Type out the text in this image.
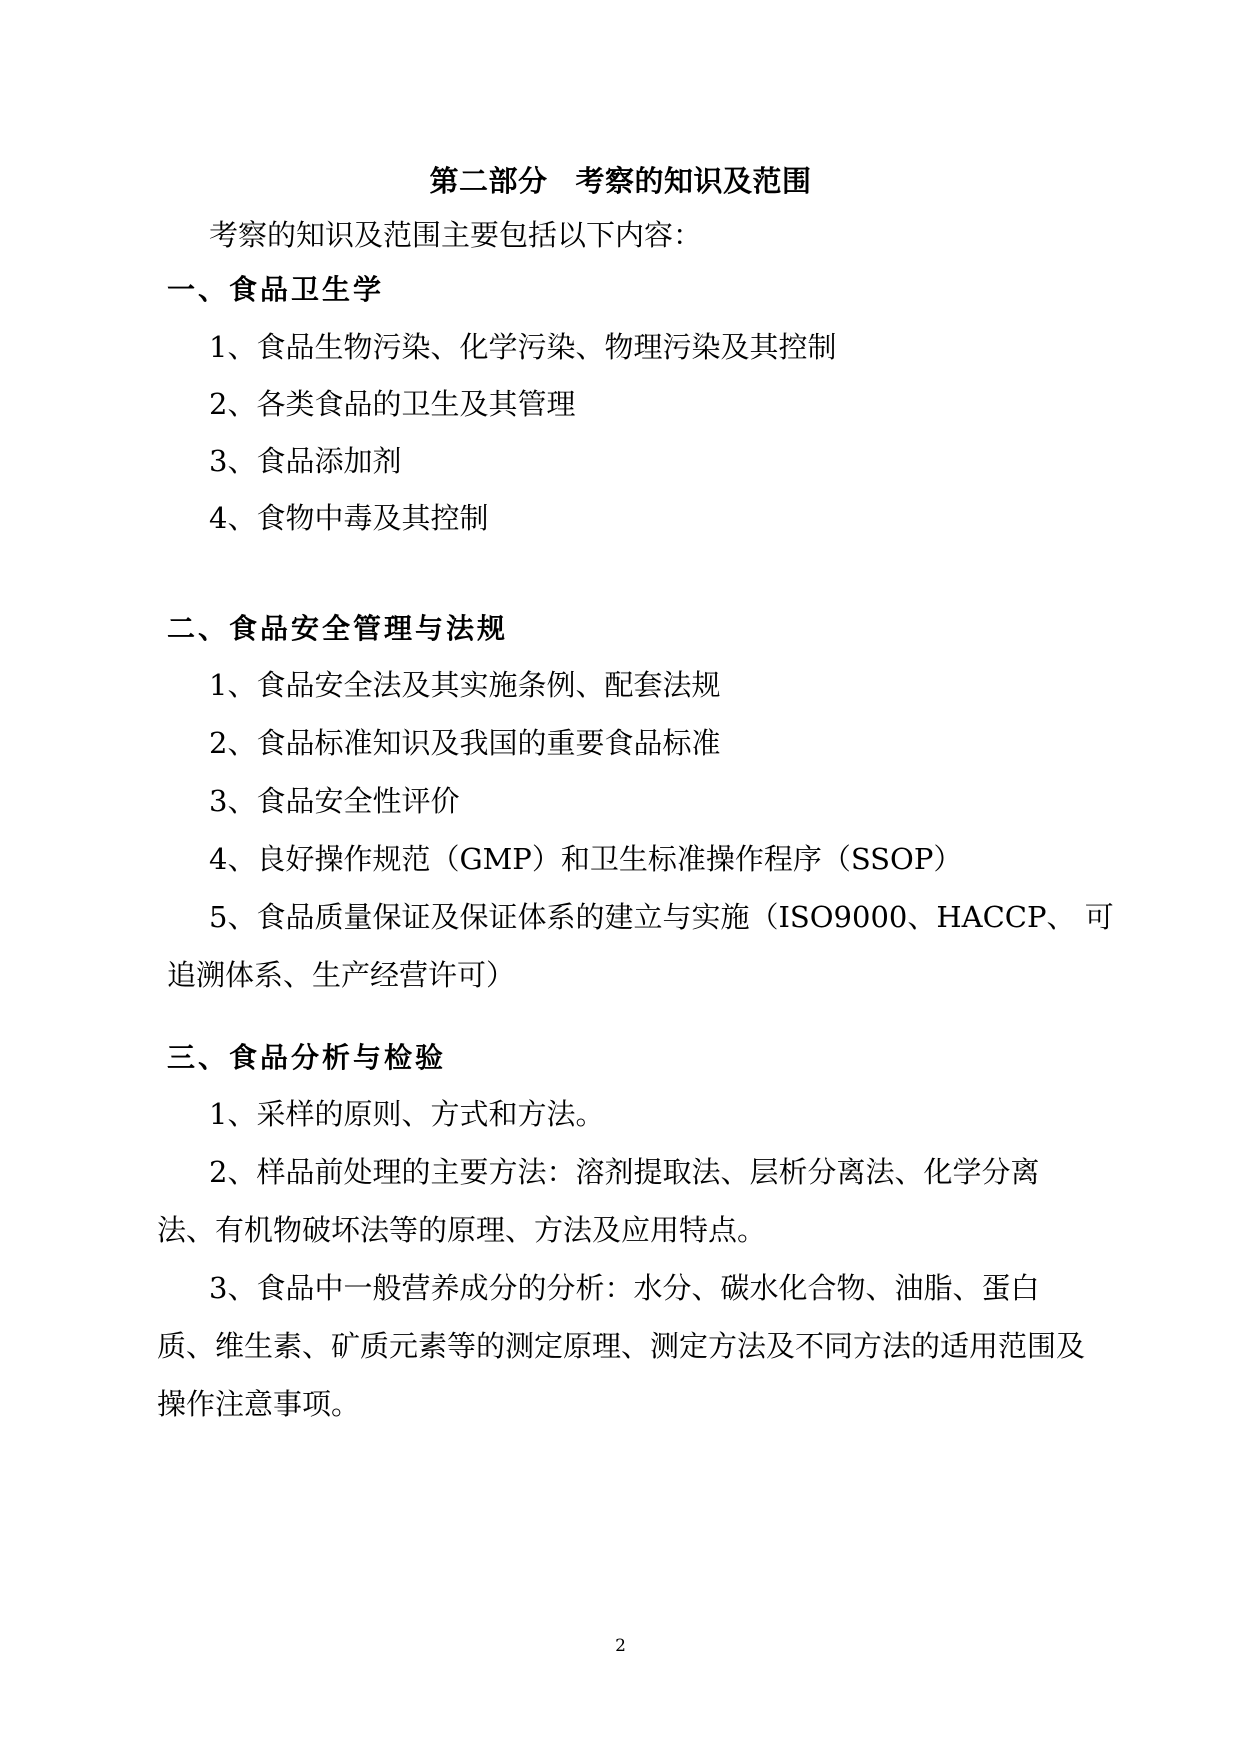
第二部分 考察的知识及范围
考察的知识及范围主要包括以下内容：
一、食品卫生学
1、食品生物污染、化学污染、物理污染及其控制
2、各类食品的卫生及其管理
3、食品添加剂
4、食物中毒及其控制
二、食品安全管理与法规
1、食品安全法及其实施条例、配套法规
2、食品标准知识及我国的重要食品标准
3、食品安全性评价
4、良好操作规范（GMP）和卫生标准操作程序（SSOP）
5、食品质量保证及保证体系的建立与实施（ISO9000、HACCP、 可
追溯体系、生产经营许可）
三、食品分析与检验
1、采样的原则、方式和方法。
2、样品前处理的主要方法：溶剂提取法、层析分离法、化学分离
法、有机物破坏法等的原理、方法及应用特点。
3、食品中一般营养成分的分析：水分、碳水化合物、油脂、蛋白
质、维生素、矿质元素等的测定原理、测定方法及不同方法的适用范围及
操作注意事项。
2
